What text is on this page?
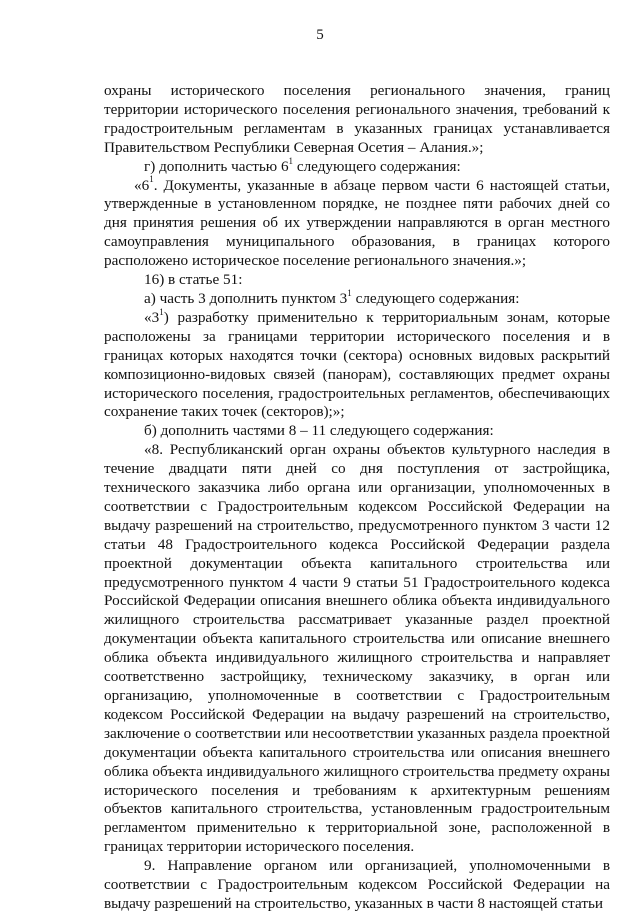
5

охраны исторического поселения регионального значения, границ территории исторического поселения регионального значения, требований к градостроительным регламентам в указанных границах устанавливается Правительством Республики Северная Осетия – Алания.»;

г) дополнить частью $6^1$ следующего содержания:

«$6^1$. Документы, указанные в абзаце первом части 6 настоящей статьи, утвержденные в установленном порядке, не позднее пяти рабочих дней со дня принятия решения об их утверждении направляются в орган местного самоуправления муниципального образования, в границах которого расположено историческое поселение регионального значения.»;

16) в статье 51:

а) часть 3 дополнить пунктом $3^1$ следующего содержания:

«$3^1$) разработку применительно к территориальным зонам, которые расположены за границами территории исторического поселения и в границах которых находятся точки (сектора) основных видовых раскрытий композиционно-видовых связей (панорам), составляющих предмет охраны исторического поселения, градостроительных регламентов, обеспечивающих сохранение таких точек (секторов);»;

б) дополнить частями 8 – 11 следующего содержания:

«8. Республиканский орган охраны объектов культурного наследия в течение двадцати пяти дней со дня поступления от застройщика, технического заказчика либо органа или организации, уполномоченных в соответствии с Градостроительным кодексом Российской Федерации на выдачу разрешений на строительство, предусмотренного пунктом 3 части 12 статьи 48 Градостроительного кодекса Российской Федерации раздела проектной документации объекта капитального строительства или предусмотренного пунктом 4 части 9 статьи 51 Градостроительного кодекса Российской Федерации описания внешнего облика объекта индивидуального жилищного строительства рассматривает указанные раздел проектной документации объекта капитального строительства или описание внешнего облика объекта индивидуального жилищного строительства и направляет соответственно застройщику, техническому заказчику, в орган или организацию, уполномоченные в соответствии с Градостроительным кодексом Российской Федерации на выдачу разрешений на строительство, заключение о соответствии или несоответствии указанных раздела проектной документации объекта капитального строительства или описания внешнего облика объекта индивидуального жилищного строительства предмету охраны исторического поселения и требованиям к архитектурным решениям объектов капитального строительства, установленным градостроительным регламентом применительно к территориальной зоне, расположенной в границах территории исторического поселения.

9. Направление органом или организацией, уполномоченными в соответствии с Градостроительным кодексом Российской Федерации на выдачу разрешений на строительство, указанных в части 8 настоящей статьи
